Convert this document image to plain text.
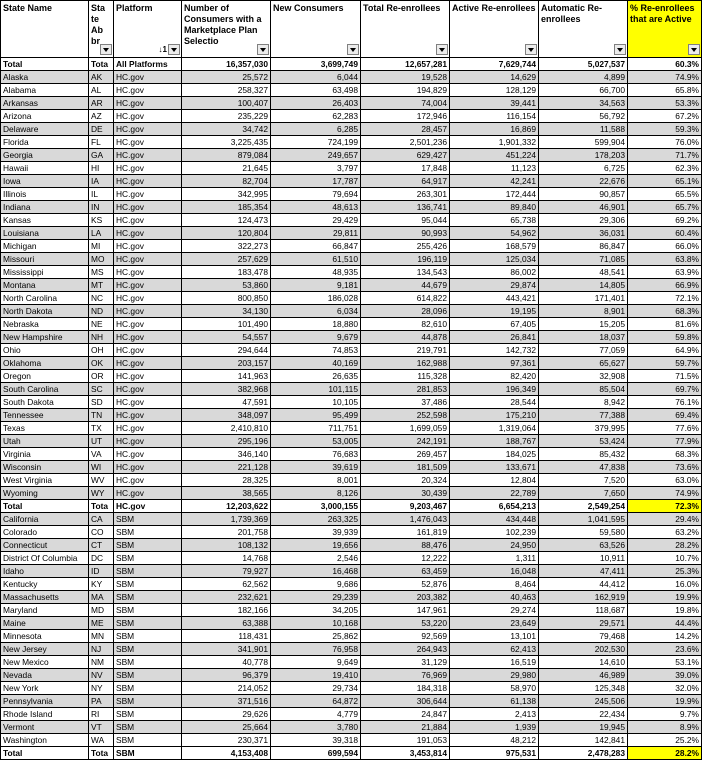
State Name	Sta te Ab br	Platform
↓1	Number of Consumers with a Marketplace Plan Selectio	New Consumers	Total Re-enrollees	Active Re-enrollees	Automatic Re-enrollees	% Re-enrollees that are Active

Total	Tota	All Platforms	16,357,030	3,699,749	12,657,281	7,629,744	5,027,537	60.3%
Alaska	AK	HC.gov	25,572	6,044	19,528	14,629	4,899	74.9%
Alabama	AL	HC.gov	258,327	63,498	194,829	128,129	66,700	65.8%
Arkansas	AR	HC.gov	100,407	26,403	74,004	39,441	34,563	53.3%
Arizona	AZ	HC.gov	235,229	62,283	172,946	116,154	56,792	67.2%
Delaware	DE	HC.gov	34,742	6,285	28,457	16,869	11,588	59.3%
Florida	FL	HC.gov	3,225,435	724,199	2,501,236	1,901,332	599,904	76.0%
Georgia	GA	HC.gov	879,084	249,657	629,427	451,224	178,203	71.7%
Hawaii	HI	HC.gov	21,645	3,797	17,848	11,123	6,725	62.3%
Iowa	IA	HC.gov	82,704	17,787	64,917	42,241	22,676	65.1%
Illinois	IL	HC.gov	342,995	79,694	263,301	172,444	90,857	65.5%
Indiana	IN	HC.gov	185,354	48,613	136,741	89,840	46,901	65.7%
Kansas	KS	HC.gov	124,473	29,429	95,044	65,738	29,306	69.2%
Louisiana	LA	HC.gov	120,804	29,811	90,993	54,962	36,031	60.4%
Michigan	MI	HC.gov	322,273	66,847	255,426	168,579	86,847	66.0%
Missouri	MO	HC.gov	257,629	61,510	196,119	125,034	71,085	63.8%
Mississippi	MS	HC.gov	183,478	48,935	134,543	86,002	48,541	63.9%
Montana	MT	HC.gov	53,860	9,181	44,679	29,874	14,805	66.9%
North Carolina	NC	HC.gov	800,850	186,028	614,822	443,421	171,401	72.1%
North Dakota	ND	HC.gov	34,130	6,034	28,096	19,195	8,901	68.3%
Nebraska	NE	HC.gov	101,490	18,880	82,610	67,405	15,205	81.6%
New Hampshire	NH	HC.gov	54,557	9,679	44,878	26,841	18,037	59.8%
Ohio	OH	HC.gov	294,644	74,853	219,791	142,732	77,059	64.9%
Oklahoma	OK	HC.gov	203,157	40,169	162,988	97,361	65,627	59.7%
Oregon	OR	HC.gov	141,963	26,635	115,328	82,420	32,908	71.5%
South Carolina	SC	HC.gov	382,968	101,115	281,853	196,349	85,504	69.7%
South Dakota	SD	HC.gov	47,591	10,105	37,486	28,544	8,942	76.1%
Tennessee	TN	HC.gov	348,097	95,499	252,598	175,210	77,388	69.4%
Texas	TX	HC.gov	2,410,810	711,751	1,699,059	1,319,064	379,995	77.6%
Utah	UT	HC.gov	295,196	53,005	242,191	188,767	53,424	77.9%
Virginia	VA	HC.gov	346,140	76,683	269,457	184,025	85,432	68.3%
Wisconsin	WI	HC.gov	221,128	39,619	181,509	133,671	47,838	73.6%
West Virginia	WV	HC.gov	28,325	8,001	20,324	12,804	7,520	63.0%
Wyoming	WY	HC.gov	38,565	8,126	30,439	22,789	7,650	74.9%
Total	Tota	HC.gov	12,203,622	3,000,155	9,203,467	6,654,213	2,549,254	72.3%
California	CA	SBM	1,739,369	263,325	1,476,043	434,448	1,041,595	29.4%
Colorado	CO	SBM	201,758	39,939	161,819	102,239	59,580	63.2%
Connecticut	CT	SBM	108,132	19,656	88,476	24,950	63,526	28.2%
District Of Columbia	DC	SBM	14,768	2,546	12,222	1,311	10,911	10.7%
Idaho	ID	SBM	79,927	16,468	63,459	16,048	47,411	25.3%
Kentucky	KY	SBM	62,562	9,686	52,876	8,464	44,412	16.0%
Massachusetts	MA	SBM	232,621	29,239	203,382	40,463	162,919	19.9%
Maryland	MD	SBM	182,166	34,205	147,961	29,274	118,687	19.8%
Maine	ME	SBM	63,388	10,168	53,220	23,649	29,571	44.4%
Minnesota	MN	SBM	118,431	25,862	92,569	13,101	79,468	14.2%
New Jersey	NJ	SBM	341,901	76,958	264,943	62,413	202,530	23.6%
New Mexico	NM	SBM	40,778	9,649	31,129	16,519	14,610	53.1%
Nevada	NV	SBM	96,379	19,410	76,969	29,980	46,989	39.0%
New York	NY	SBM	214,052	29,734	184,318	58,970	125,348	32.0%
Pennsylvania	PA	SBM	371,516	64,872	306,644	61,138	245,506	19.9%
Rhode Island	RI	SBM	29,626	4,779	24,847	2,413	22,434	9.7%
Vermont	VT	SBM	25,664	3,780	21,884	1,939	19,945	8.9%
Washington	WA	SBM	230,371	39,318	191,053	48,212	142,841	25.2%
Total	Tota	SBM	4,153,408	699,594	3,453,814	975,531	2,478,283	28.2%
